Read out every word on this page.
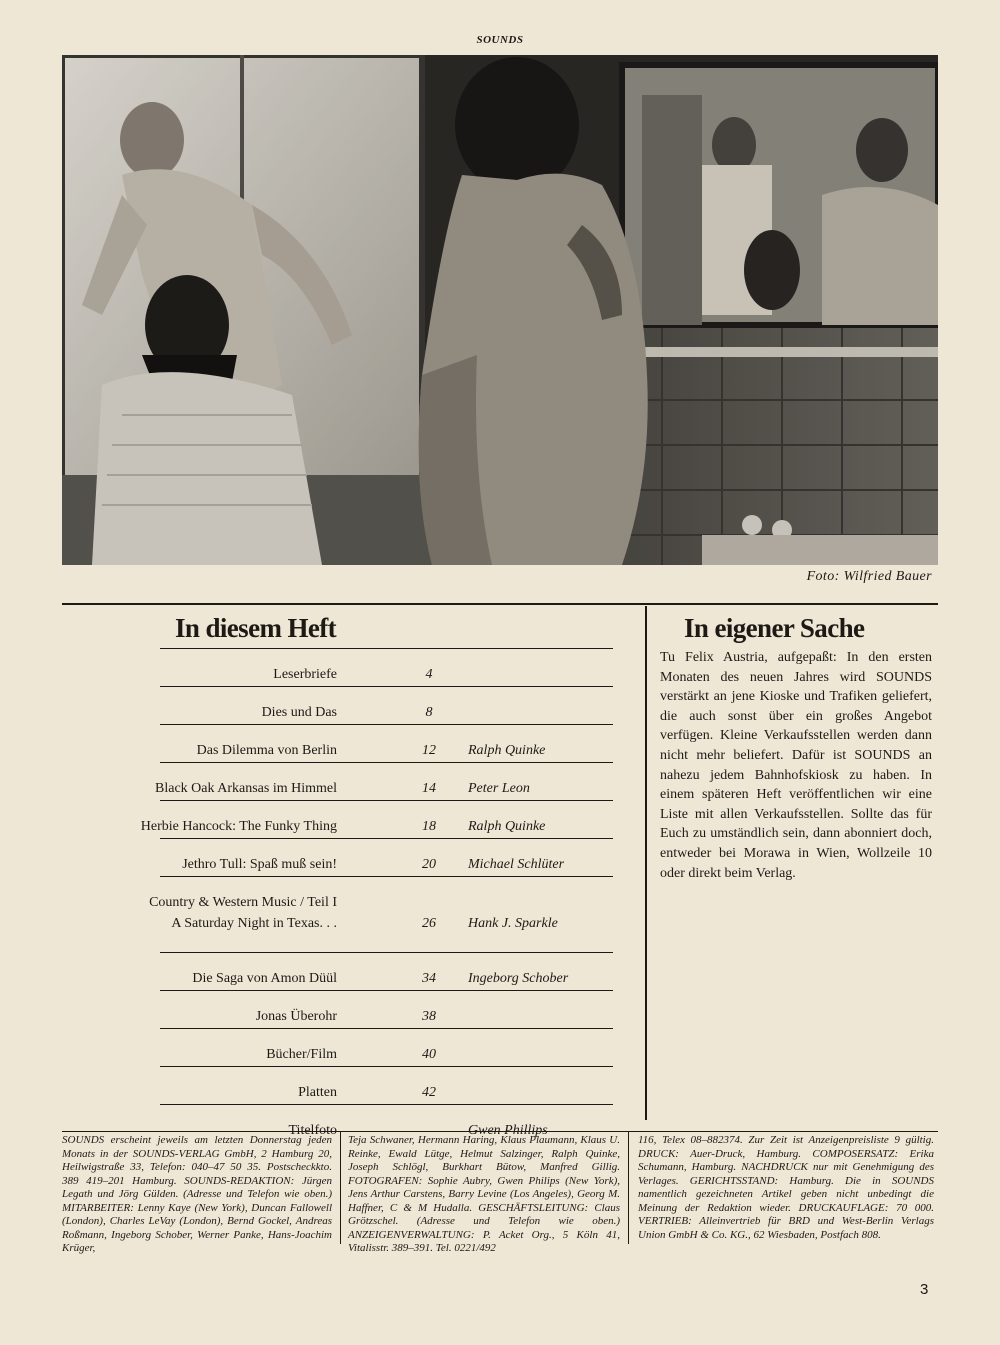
SOUNDS
Foto: Wilfried Bauer
In diesem Heft	In eigener Sache
Leserbriefe	4
Dies und Das	8
Das Dilemma von Berlin	12	Ralph Quinke
Black Oak Arkansas im Himmel	14	Peter Leon
Herbie Hancock: The Funky Thing	18	Ralph Quinke
Jethro Tull: Spaß muß sein!	20	Michael Schlüter
Country & Western Music / Teil I
A Saturday Night in Texas. . .	26	Hank J. Sparkle
Die Saga von Amon Düül	34	Ingeborg Schober
Jonas Überohr	38
Bücher/Film	40
Platten	42
Titelfoto	Gwen Phillips
Tu Felix Austria, aufgepaßt: In den ersten Monaten des neuen Jahres wird SOUNDS verstärkt an jene Kioske und Trafiken geliefert, die auch sonst über ein großes Angebot verfügen. Kleine Verkaufsstellen werden dann nicht mehr beliefert. Dafür ist SOUNDS an nahezu jedem Bahnhofskiosk zu haben. In einem späteren Heft veröffentlichen wir eine Liste mit allen Verkaufsstellen. Sollte das für Euch zu umständlich sein, dann abonniert doch, entweder bei Morawa in Wien, Wollzeile 10 oder direkt beim Verlag.
SOUNDS erscheint jeweils am letzten Donnerstag jeden Monats in der SOUNDS-VERLAG GmbH, 2 Hamburg 20, Heilwigstraße 33, Telefon: 040–47 50 35. Postscheckkto. 389 419–201 Hamburg. SOUNDS-REDAKTION: Jürgen Legath und Jörg Gülden. (Adresse und Telefon wie oben.) MITARBEITER: Lenny Kaye (New York), Duncan Fallowell (London), Charles LeVay (London), Bernd Gockel, Andreas Roßmann, Ingeborg Schober, Werner Panke, Hans-Joachim Krüger,
Teja Schwaner, Hermann Haring, Klaus Plaumann, Klaus U. Reinke, Ewald Lütge, Helmut Salzinger, Ralph Quinke, Joseph Schlögl, Burkhart Bütow, Manfred Gillig. FOTOGRAFEN: Sophie Aubry, Gwen Philips (New York), Jens Arthur Carstens, Barry Levine (Los Angeles), Georg M. Haffner, C & M Hudalla. GESCHÄFTSLEITUNG: Claus Grötzschel. (Adresse und Telefon wie oben.) ANZEIGENVERWALTUNG: P. Acket Org., 5 Köln 41, Vitalisstr. 389–391. Tel. 0221/492
116, Telex 08–882374. Zur Zeit ist Anzeigenpreisliste 9 gültig. DRUCK: Auer-Druck, Hamburg. COMPOSERSATZ: Erika Schumann, Hamburg. NACHDRUCK nur mit Genehmigung des Verlages. GERICHTSSTAND: Hamburg. Die in SOUNDS namentlich gezeichneten Artikel geben nicht unbedingt die Meinung der Redaktion wieder. DRUCKAUFLAGE: 70 000. VERTRIEB: Alleinvertrieb für BRD und West-Berlin Verlags Union GmbH & Co. KG., 62 Wiesbaden, Postfach 808.
3
